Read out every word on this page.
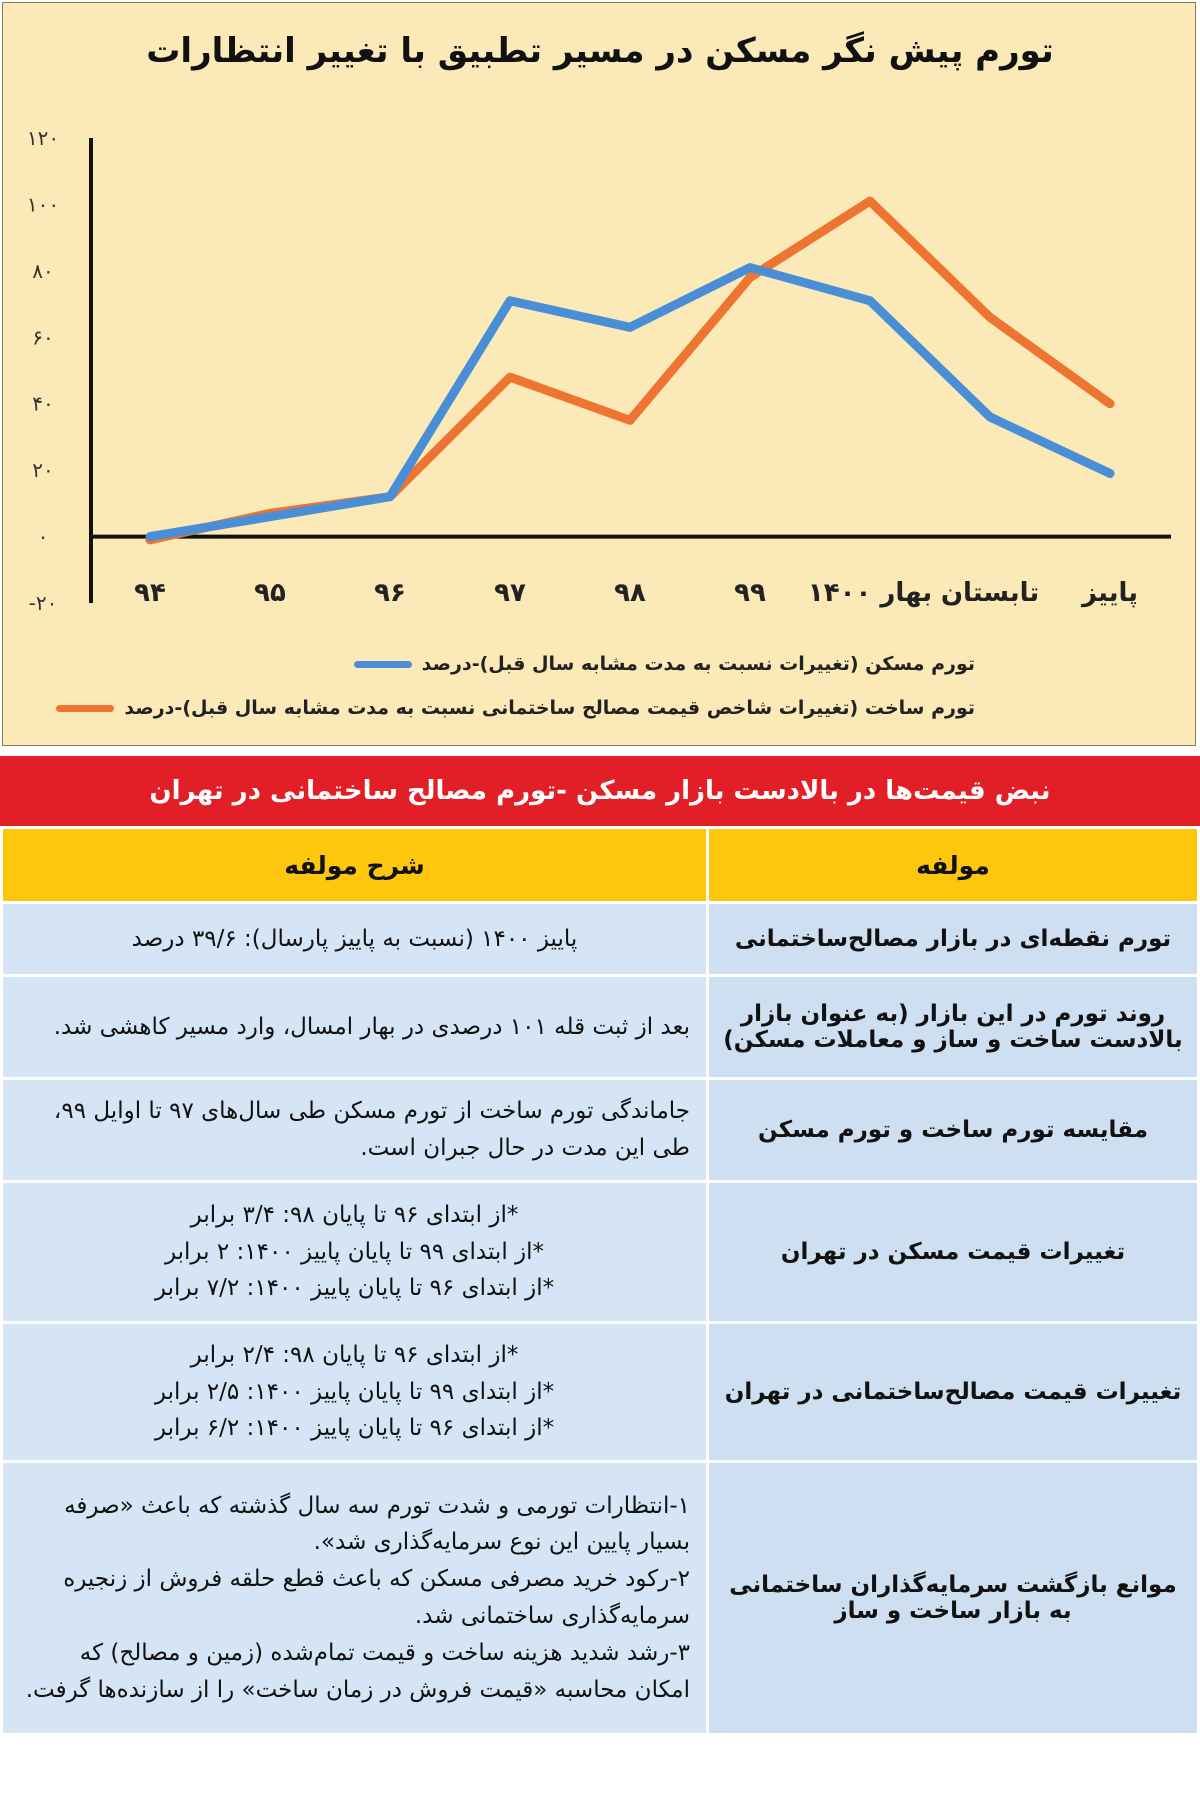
تورم پیش نگر مسکن در مسیر تطبیق با تغییر انتظارات
۱۲۰
۱۰۰
۸۰
۶۰
۴۰
۲۰
۰
-۲۰	۹۴	۹۵	۹۶	۹۷	۹۸	۹۹ بهار ۱۴۰۰ تابستان پاییز
تورم مسکن (تغییرات نسبت به مدت مشابه سال قبل)-درصد
تورم ساخت (تغییرات شاخص قیمت مصالح ساختمانی نسبت به مدت مشابه سال قبل)-درصد
نبض قیمت‌ها در بالادست بازار مسکن -تورم مصالح ساختمانی در تهران
مولفه	شرح مولفه
تورم نقطه‌ای در بازار مصالح‌ساختمانی	پاییز ۱۴۰۰ (نسبت به پاییز پارسال): ۳۹/۶ درصد

روند تورم در این بازار (به عنوان بازار بالادست ساخت و ساز و معاملات مسکن)	بعد از ثبت قله ۱۰۱ درصدی در بهار امسال، وارد مسیر کاهشی شد.

مقایسه تورم ساخت و تورم مسکن	جاماندگی تورم ساخت از تورم مسکن طی سال‌های ۹۷ تا اوایل ۹۹،
طی این مدت در حال جبران است.

تغییرات قیمت مسکن در تهران	*از ابتدای ۹۶ تا پایان ۹۸: ۳/۴ برابر
*از ابتدای ۹۹ تا پایان پاییز ۱۴۰۰: ۲ برابر
*از ابتدای ۹۶ تا پایان پاییز ۱۴۰۰: ۷/۲ برابر

تغییرات قیمت مصالح‌ساختمانی در تهران	*از ابتدای ۹۶ تا پایان ۹۸: ۲/۴ برابر
*از ابتدای ۹۹ تا پایان پاییز ۱۴۰۰: ۲/۵ برابر
*از ابتدای ۹۶ تا پایان پاییز ۱۴۰۰: ۶/۲ برابر

موانع بازگشت سرمایه‌گذاران ساختمانی به بازار ساخت و ساز	۱-انتظارات تورمی و شدت تورم سه سال گذشته که باعث «صرفه بسیار پایین این نوع سرمایه‌گذاری شد».
۲-رکود خرید مصرفی مسکن که باعث قطع حلقه فروش از زنجیره سرمایه‌گذاری ساختمانی شد.
۳-رشد شدید هزینه ساخت و قیمت تمام‌شده (زمین و مصالح) که امکان محاسبه «قیمت فروش در زمان ساخت» را از سازنده‌ها گرفت.
